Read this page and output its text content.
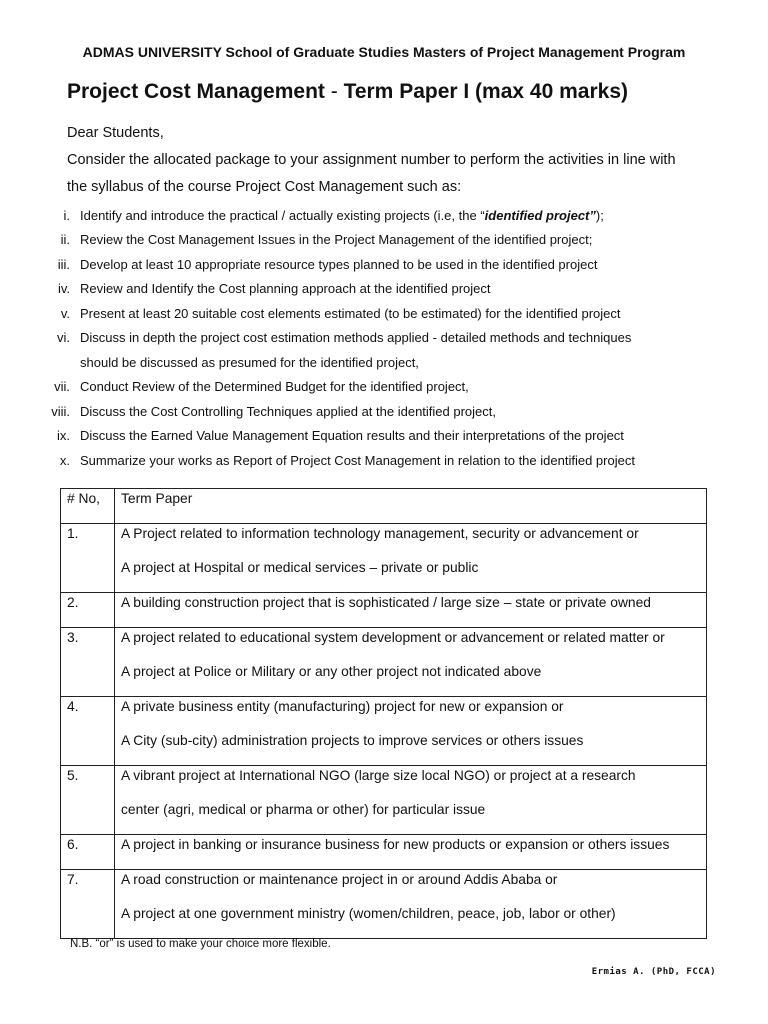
ADMAS UNIVERSITY School of Graduate Studies Masters of Project Management Program
Project Cost Management - Term Paper I (max 40 marks)
Dear Students,
Consider the allocated package to your assignment number to perform the activities in line with
the syllabus of the course Project Cost Management such as:
i. Identify and introduce the practical / actually existing projects (i.e, the “identified project”);
ii. Review the Cost Management Issues in the Project Management of the identified project;
iii. Develop at least 10 appropriate resource types planned to be used in the identified project
iv. Review and Identify the Cost planning approach at the identified project
v. Present at least 20 suitable cost elements estimated (to be estimated) for the identified project
vi. Discuss in depth the project cost estimation methods applied - detailed methods and techniques
should be discussed as presumed for the identified project,
vii. Conduct Review of the Determined Budget for the identified project,
viii. Discuss the Cost Controlling Techniques applied at the identified project,
ix. Discuss the Earned Value Management Equation results and their interpretations of the project
x. Summarize your works as Report of Project Cost Management in relation to the identified project
# No,	Term Paper

1.	A Project related to information technology management, security or advancement or
A project at Hospital or medical services – private or public

2.	A building construction project that is sophisticated / large size – state or private owned

3.	A project related to educational system development or advancement or related matter or
A project at Police or Military or any other project not indicated above

4.	A private business entity (manufacturing) project for new or expansion or
A City (sub-city) administration projects to improve services or others issues

5.	A vibrant project at International NGO (large size local NGO) or project at a research
center (agri, medical or pharma or other) for particular issue

6.	A project in banking or insurance business for new products or expansion or others issues

7.	A road construction or maintenance project in or around Addis Ababa or
A project at one government ministry (women/children, peace, job, labor or other)
N.B. “or” is used to make your choice more flexible.
Ermias A. (PhD, FCCA)
